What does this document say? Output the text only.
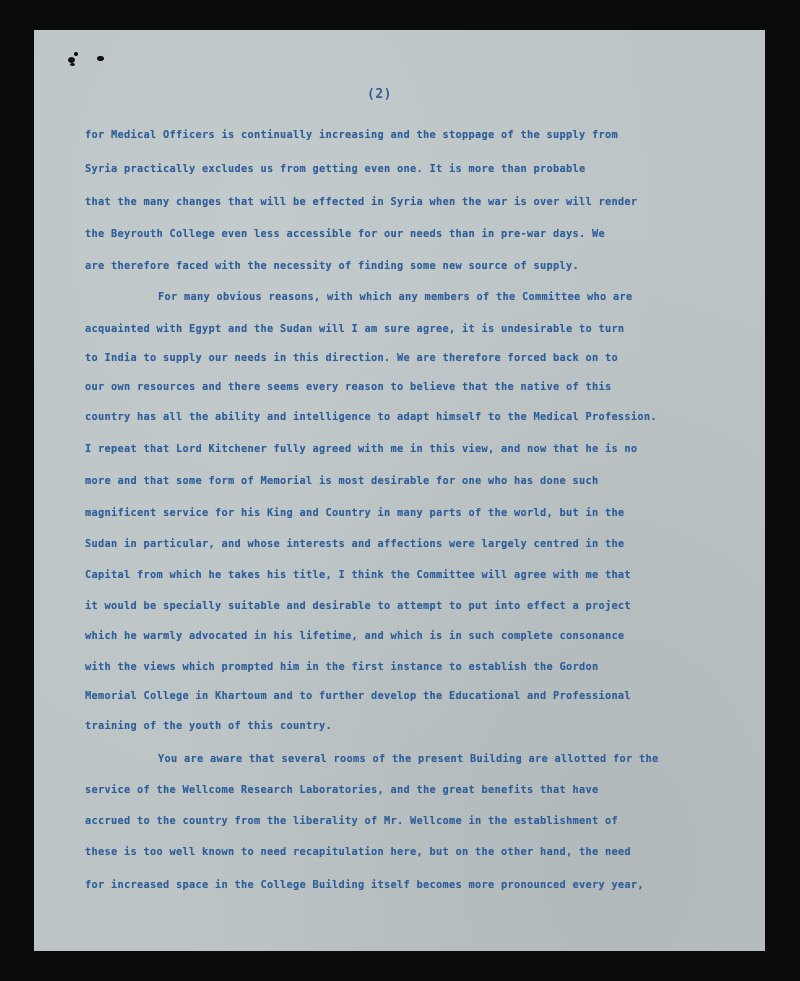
(2)
for Medical Officers is continually increasing and the stoppage of the supply from
Syria practically excludes us from getting even one. It is more than probable
that the many changes that will be effected in Syria when the war is over will render
the Beyrouth College even less accessible for our needs than in pre-war days. We
are therefore faced with the necessity of finding some new source of supply.
For many obvious reasons, with which any members of the Committee who are
acquainted with Egypt and the Sudan will I am sure agree, it is undesirable to turn
to India to supply our needs in this direction. We are therefore forced back on to
our own resources and there seems every reason to believe that the native of this
country has all the ability and intelligence to adapt himself to the Medical Profession.
I repeat that Lord Kitchener fully agreed with me in this view, and now that he is no
more and that some form of Memorial is most desirable for one who has done such
magnificent service for his King and Country in many parts of the world, but in the
Sudan in particular, and whose interests and affections were largely centred in the
Capital from which he takes his title, I think the Committee will agree with me that
it would be specially suitable and desirable to attempt to put into effect a project
which he warmly advocated in his lifetime, and which is in such complete consonance
with the views which prompted him in the first instance to establish the Gordon
Memorial College in Khartoum and to further develop the Educational and Professional
training of the youth of this country.
You are aware that several rooms of the present Building are allotted for the
service of the Wellcome Research Laboratories, and the great benefits that have
accrued to the country from the liberality of Mr. Wellcome in the establishment of
these is too well known to need recapitulation here, but on the other hand, the need
for increased space in the College Building itself becomes more pronounced every year,
